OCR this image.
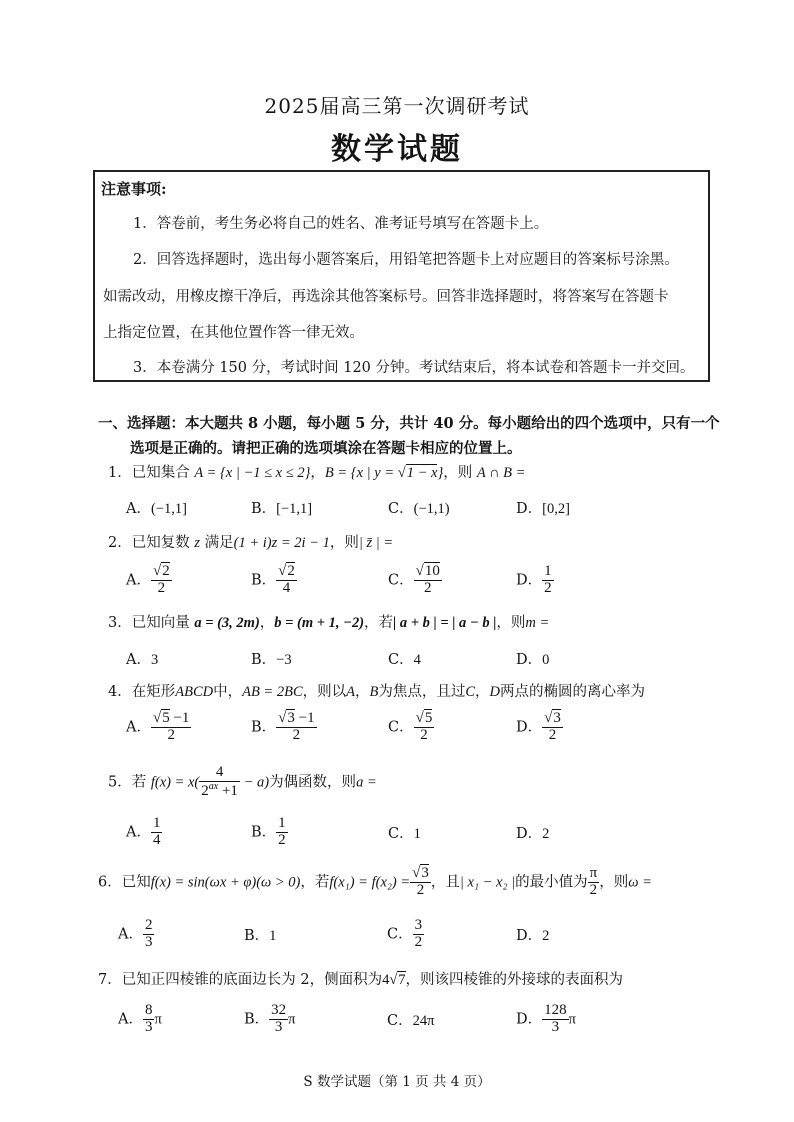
2025届高三第一次调研考试
数学试题
注意事项:
1．答卷前，考生务必将自己的姓名、准考证号填写在答题卡上。
2．回答选择题时，选出每小题答案后，用铅笔把答题卡上对应题目的答案标号涂黑。
如需改动，用橡皮擦干净后，再选涂其他答案标号。回答非选择题时，将答案写在答题卡
上指定位置，在其他位置作答一律无效。
3．本卷满分 150 分，考试时间 120 分钟。考试结束后，将本试卷和答题卡一并交回。
一、选择题：本大题共 8 小题，每小题 5 分，共计 40 分。每小题给出的四个选项中，只有一个
选项是正确的。请把正确的选项填涂在答题卡相应的位置上。
1．已知集合 A = {x | −1 ≤ x ≤ 2}，B = {x | y = √1 − x}，则 A ∩ B =
A．(−1,1]	B．[−1,1]	C．(−1,1)	D．[0,2]
2．已知复数 z 满足(1 + i)z = 2i − 1，则| z̄ | =
A． $\frac{√2}{2}$	B． $\frac{√2}{4}$	C． $\frac{√10}{2}$	D． $\frac{1}{2}$
3．已知向量 a = (3, 2m)，b = (m + 1, −2)，若| a + b | = | a − b |，则m =
A．3	B．−3	C．4	D．0
4．在矩形ABCD中，AB = 2BC，则以A，B为焦点，且过C，D两点的椭圆的离心率为
A． $\frac{√5 -1}{2}$	B． $\frac{√3 -1}{2}$	C． $\frac{√5}{2}$	D． $\frac{√3}{2}$
5．若 $f(x) = x( \frac{4}{2^{ax} +1} - a)$为偶函数，则a =
A． $\frac{1}{4}$	B． $\frac{1}{2}$	C．1	D．2
6．已知f(x) = sin(ωx + φ)(ω > 0)，若$f(x_1) = f(x_2) = \frac{√3}{2}$ ，且| x₁ − x₂ |的最小值为 $\frac{\pi}{2}$ ，则ω =
A． $\frac{2}{3}$	B．1	C． $\frac{3}{2}$	D．2
7．已知正四棱锥的底面边长为 2，侧面积为4√7，则该四棱锥的外接球的表面积为
A． $\frac{8}{3}$ π	B． $\frac{32}{3}$ π	C．24π	D． $\frac{128}{3}$ π
S 数学试题（第 1 页 共 4 页）
